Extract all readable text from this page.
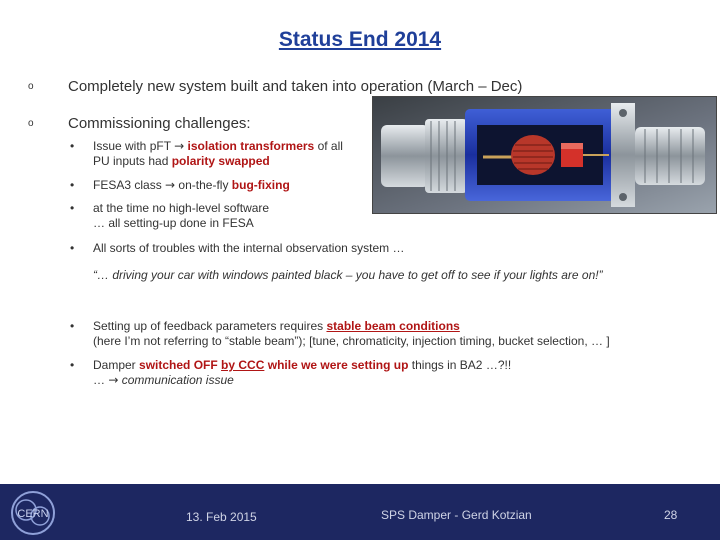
Status End 2014
o Completely new system built and taken into operation (March – Dec)
o Commissioning challenges:
• Issue with pFT → isolation transformers of all
PU inputs had polarity swapped
• FESA3 class → on-the-fly bug-fixing
• at the time no high-level software
… all setting-up done in FESA
• All sorts of troubles with the internal observation system …
“… driving your car with windows painted black – you have to get off to see if your lights are on!”
• Setting up of feedback parameters requires stable beam conditions
(here I’m not referring to “stable beam”); [tune, chromaticity, injection timing, bucket selection, … ]
• Damper switched OFF by CCC while we were setting up things in BA2 …?!!
… → communication issue
CERN	13. Feb 2015	SPS Damper - Gerd Kotzian	28
